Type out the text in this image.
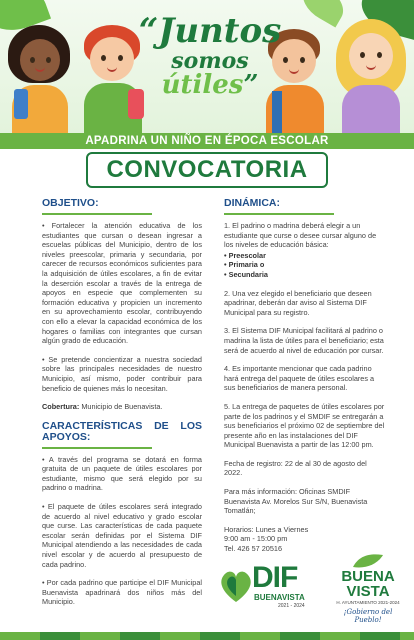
“Juntos
somos
útiles”
APADRINA UN NIÑO EN ÉPOCA ESCOLAR
CONVOCATORIA
OBJETIVO:
• Fortalecer la atención educativa de los estudiantes que cursan o desean ingresar a escuelas públicas del Municipio, dentro de los niveles preescolar, primaria y secundaria, por carecer de recursos económicos suficientes para la adquisición de útiles escolares, a fin de evitar la deserción escolar a través de la entrega de apoyos en especie que complementen su formación educativa y propicien un incremento en su aprovechamiento escolar, contribuyendo con ello a elevar la capacidad económica de los hogares o familias con integrantes que cursan algún grado de educación.
• Se pretende concientizar a nuestra sociedad sobre las principales necesidades de nuestro Municipio, así mismo, poder contribuir para beneficio de quienes más lo necesitan.
Cobertura: Municipio de Buenavista.
CARACTERÍSTICAS DE LOS APOYOS:
• A través del programa se dotará en forma gratuita de un paquete de útiles escolares por estudiante, mismo que será elegido por su padrino o madrina.
• El paquete de útiles escolares será integrado de acuerdo al nivel educativo y grado escolar que curse. Las características de cada paquete escolar serán definidas por el Sistema DIF Municipal atendiendo a las necesidades de cada nivel escolar y de acuerdo al presupuesto de cada padrino.
• Por cada padrino que participe el DIF Municipal Buenavista apadrinará dos niños más del Municipio.
DINÁMICA:
1. El padrino o madrina deberá elegir a un estudiante que curse o desee cursar alguno de los niveles de educación básica:
• Preescolar
• Primaria o
• Secundaria
2. Una vez elegido el beneficiario que deseen apadrinar, deberán dar aviso al Sistema DIF Municipal para su registro.
3. El Sistema DIF Municipal facilitará al padrino o madrina la lista de útiles para el beneficiario; esta será de acuerdo al nivel de educación por cursar.
4. Es importante mencionar que cada padrino hará entrega del paquete de útiles escolares a sus beneficiarios de manera personal.
5. La entrega de paquetes de útiles escolares por parte de los padrinos y el SMDIF se entregarán a sus beneficiarios el próximo 02 de septiembre del presente año en las instalaciones del DIF Municipal Buenavista a partir de las 12:00 pm.
Fecha de registro: 22 de al 30 de agosto del 2022.
Para más información: Oficinas SMDIF Buenavista Av. Morelos Sur S/N, Buenavista Tomatlán;
Horarios: Lunes a Viernes
9:00 am - 15:00 pm
Tel. 426 57 20516
DIF
BUENAVISTA
2021 - 2024
BUENA
VISTA
H. AYUNTAMIENTO 2021-2024
¡Gobierno del Pueblo!
